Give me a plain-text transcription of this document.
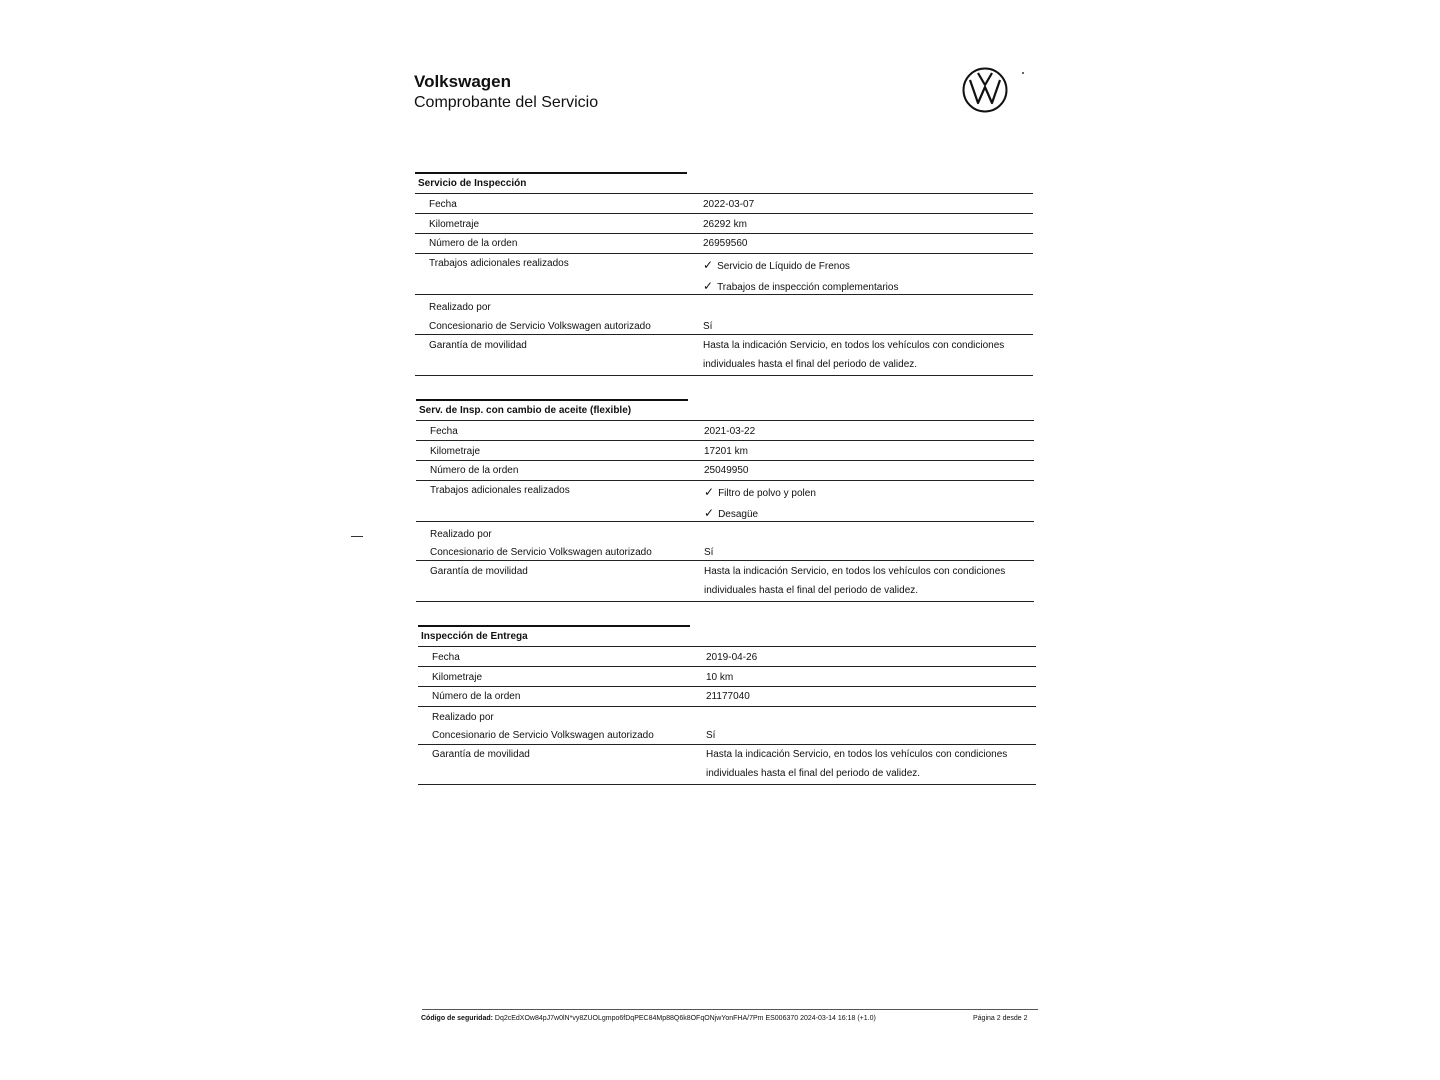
Volkswagen
Comprobante del Servicio
Servicio de Inspección
Fecha	2022-03-07
Kilometraje	26292 km
Número de la orden	26959560
Trabajos adicionales realizados	✓ Servicio de Líquido de Frenos
✓ Trabajos de inspección complementarios
Realizado por
Concesionario de Servicio Volkswagen autorizado	Sí
Garantía de movilidad	Hasta la indicación Servicio, en todos los vehículos con condiciones
individuales hasta el final del periodo de validez.
Serv. de Insp. con cambio de aceite (flexible)
Fecha	2021-03-22
Kilometraje	17201 km
Número de la orden	25049950
Trabajos adicionales realizados	✓ Filtro de polvo y polen
✓ Desagüe
Realizado por
Concesionario de Servicio Volkswagen autorizado	Sí
Garantía de movilidad	Hasta la indicación Servicio, en todos los vehículos con condiciones
individuales hasta el final del periodo de validez.
Inspección de Entrega
Fecha	2019-04-26
Kilometraje	10 km
Número de la orden	21177040
Realizado por
Concesionario de Servicio Volkswagen autorizado	Sí
Garantía de movilidad	Hasta la indicación Servicio, en todos los vehículos con condiciones
individuales hasta el final del periodo de validez.
Código de seguridad: Dq2cEdXOw84pJ7w0lN*vy8ZUOLgmpo6fDqPEC84Mp88Q6k8OFqONjwYonFHA/7Pm ES006370 2024-03-14 16:18 (+1.0)	Página 2 desde 2
